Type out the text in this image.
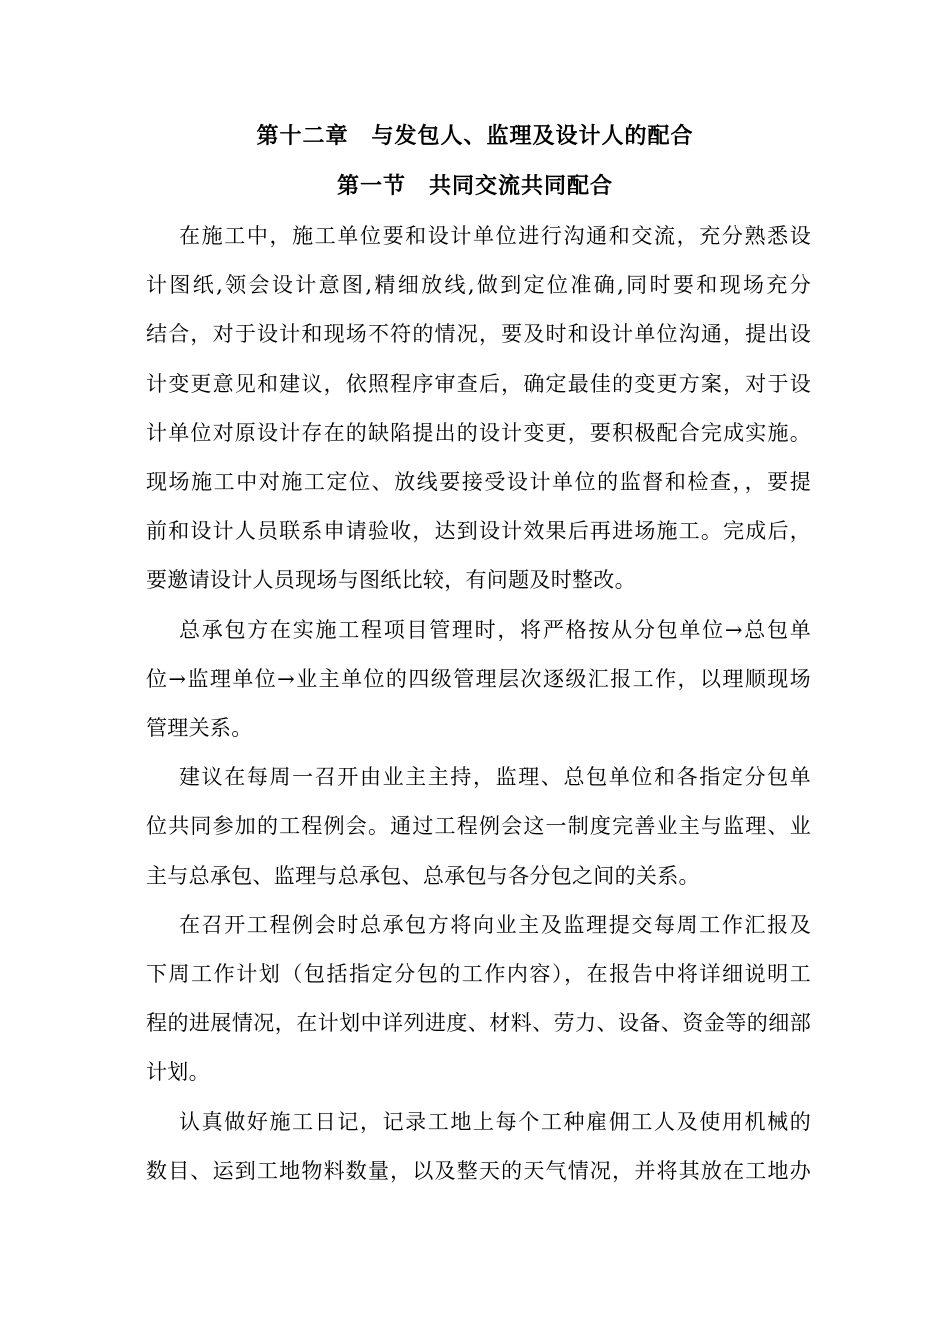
第十二章　与发包人、监理及设计人的配合
第一节　共同交流共同配合

在施工中，施工单位要和设计单位进行沟通和交流，充分熟悉设
计图纸,领会设计意图,精细放线,做到定位准确,同时要和现场充分
结合，对于设计和现场不符的情况，要及时和设计单位沟通，提出设
计变更意见和建议，依照程序审查后，确定最佳的变更方案，对于设
计单位对原设计存在的缺陷提出的设计变更，要积极配合完成实施。
现场施工中对施工定位、放线要接受设计单位的监督和检查，，要提
前和设计人员联系申请验收，达到设计效果后再进场施工。完成后，
要邀请设计人员现场与图纸比较，有问题及时整改。

总承包方在实施工程项目管理时，将严格按从分包单位→总包单
位→监理单位→业主单位的四级管理层次逐级汇报工作，以理顺现场
管理关系。

建议在每周一召开由业主主持，监理、总包单位和各指定分包单
位共同参加的工程例会。通过工程例会这一制度完善业主与监理、业
主与总承包、监理与总承包、总承包与各分包之间的关系。

在召开工程例会时总承包方将向业主及监理提交每周工作汇报及
下周工作计划（包括指定分包的工作内容），在报告中将详细说明工
程的进展情况，在计划中详列进度、材料、劳力、设备、资金等的细部
计划。

认真做好施工日记，记录工地上每个工种雇佣工人及使用机械的
数目、运到工地物料数量，以及整天的天气情况，并将其放在工地办
